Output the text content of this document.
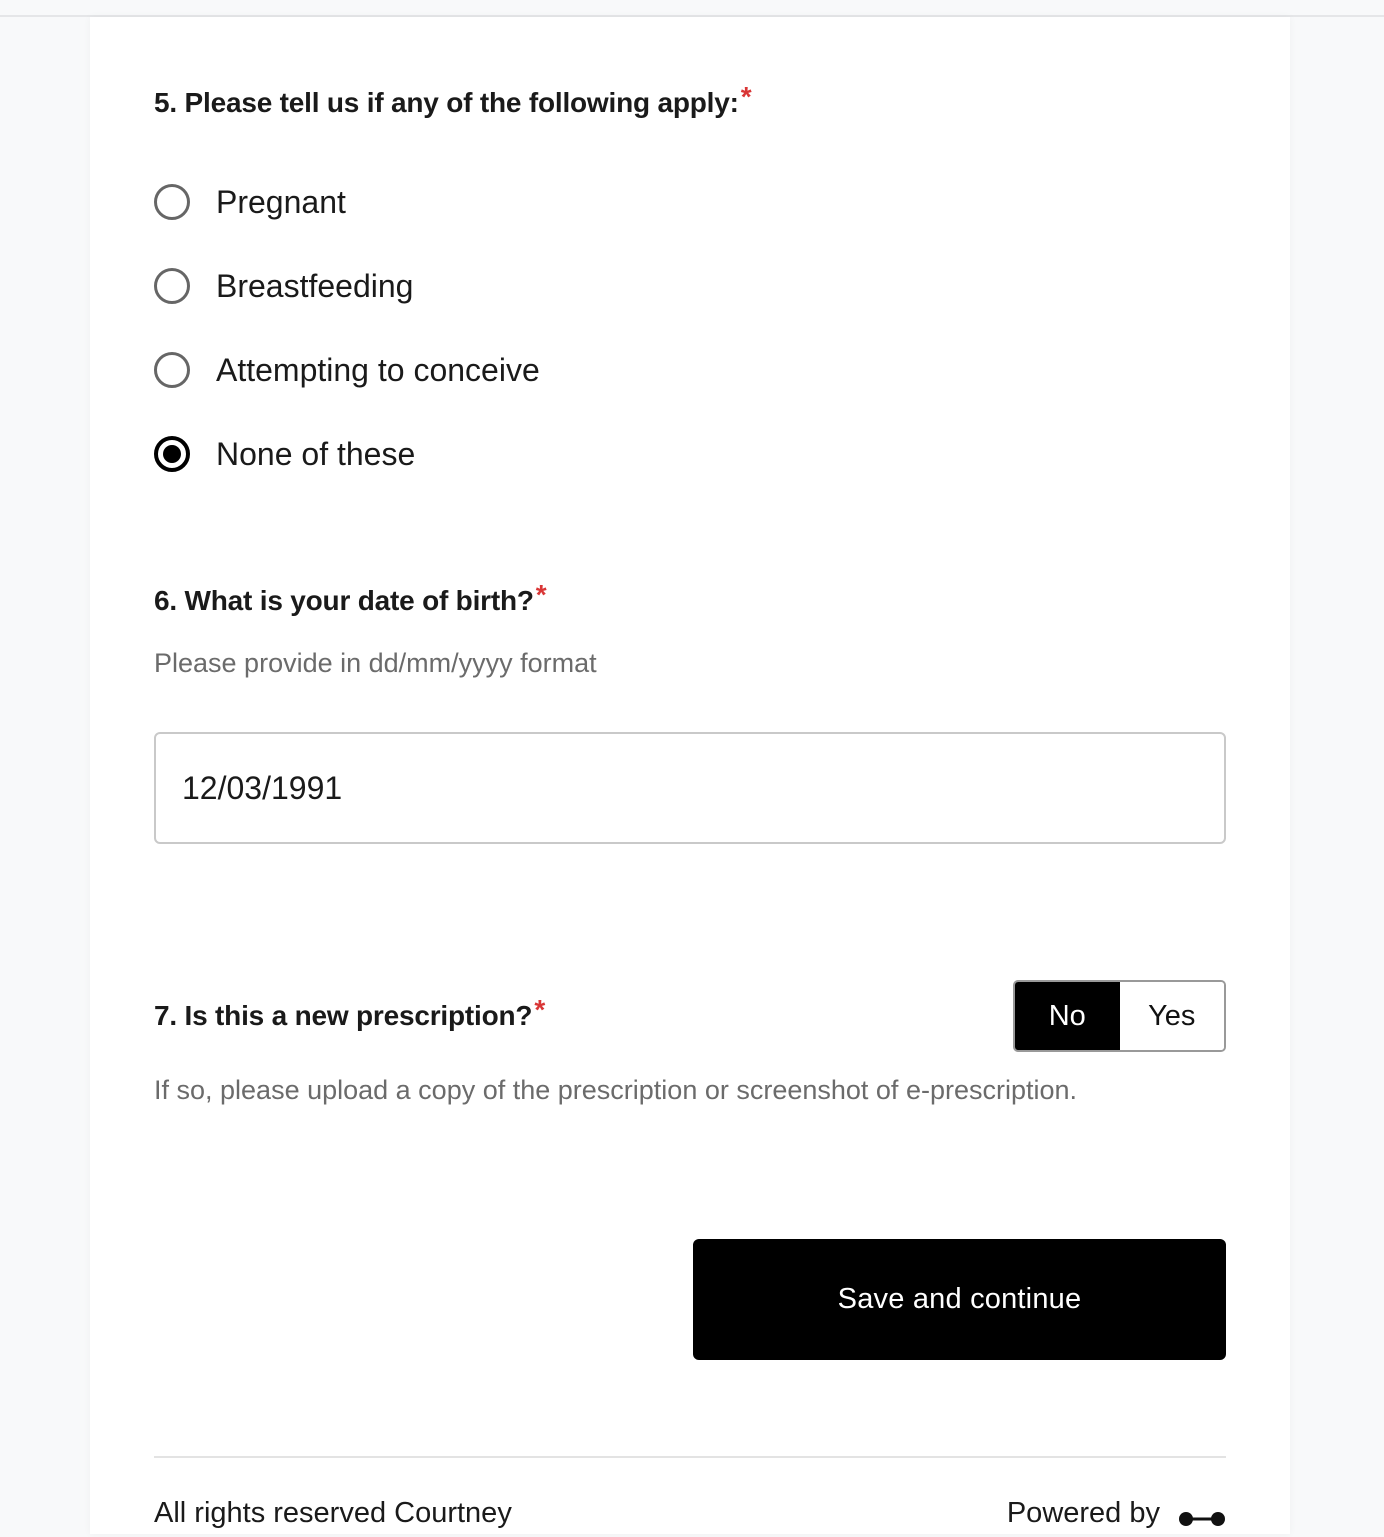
5. Please tell us if any of the following apply:*
Pregnant
Breastfeeding
Attempting to conceive
None of these
6. What is your date of birth?*
Please provide in dd/mm/yyyy format
12/03/1991
7. Is this a new prescription?*	No	Yes
If so, please upload a copy of the prescription or screenshot of e-prescription.
Save and continue
All rights reserved Courtney	Powered by
